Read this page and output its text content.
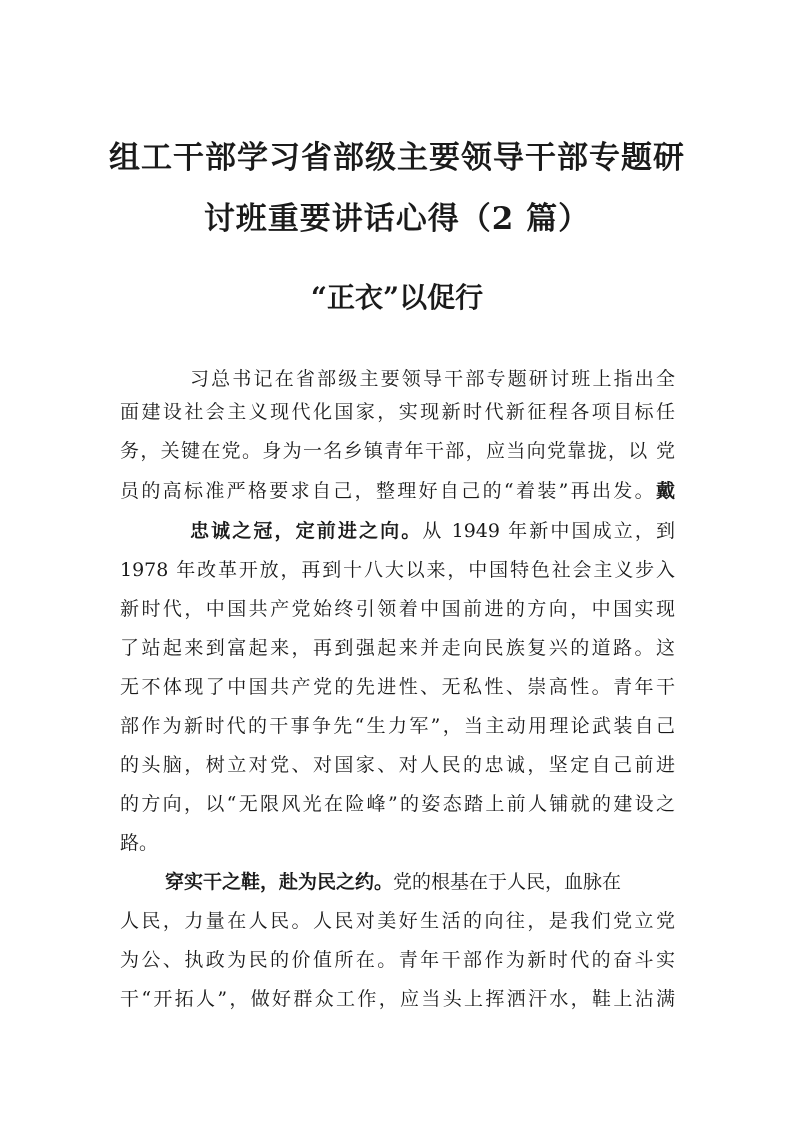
组工干部学习省部级主要领导干部专题研
讨班重要讲话心得（2 篇）
“正衣”以促行
习总书记在省部级主要领导干部专题研讨班上指出全
面建设社会主义现代化国家，实现新时代新征程各项目标任
务，关键在党。身为一名乡镇青年干部，应当向党靠拢，以 党
员的高标准严格要求自己，整理好自己的“着装”再出发。戴
忠诚之冠，定前进之向。从 1949 年新中国成立，到
1978 年改革开放，再到十八大以来，中国特色社会主义步入
新时代，中国共产党始终引领着中国前进的方向，中国实现
了站起来到富起来，再到强起来并走向民族复兴的道路。这
无不体现了中国共产党的先进性、无私性、崇高性。青年干
部作为新时代的干事争先“生力军”，当主动用理论武装自己
的头脑，树立对党、对国家、对人民的忠诚，坚定自己前进
的方向，以“无限风光在险峰”的姿态踏上前人铺就的建设之
路。
穿实干之鞋，赴为民之约。党的根基在于人民，血脉在
人民，力量在人民。人民对美好生活的向往，是我们党立党
为公、执政为民的价值所在。青年干部作为新时代的奋斗实
干“开拓人”，做好群众工作，应当头上挥洒汗水，鞋上沾满
